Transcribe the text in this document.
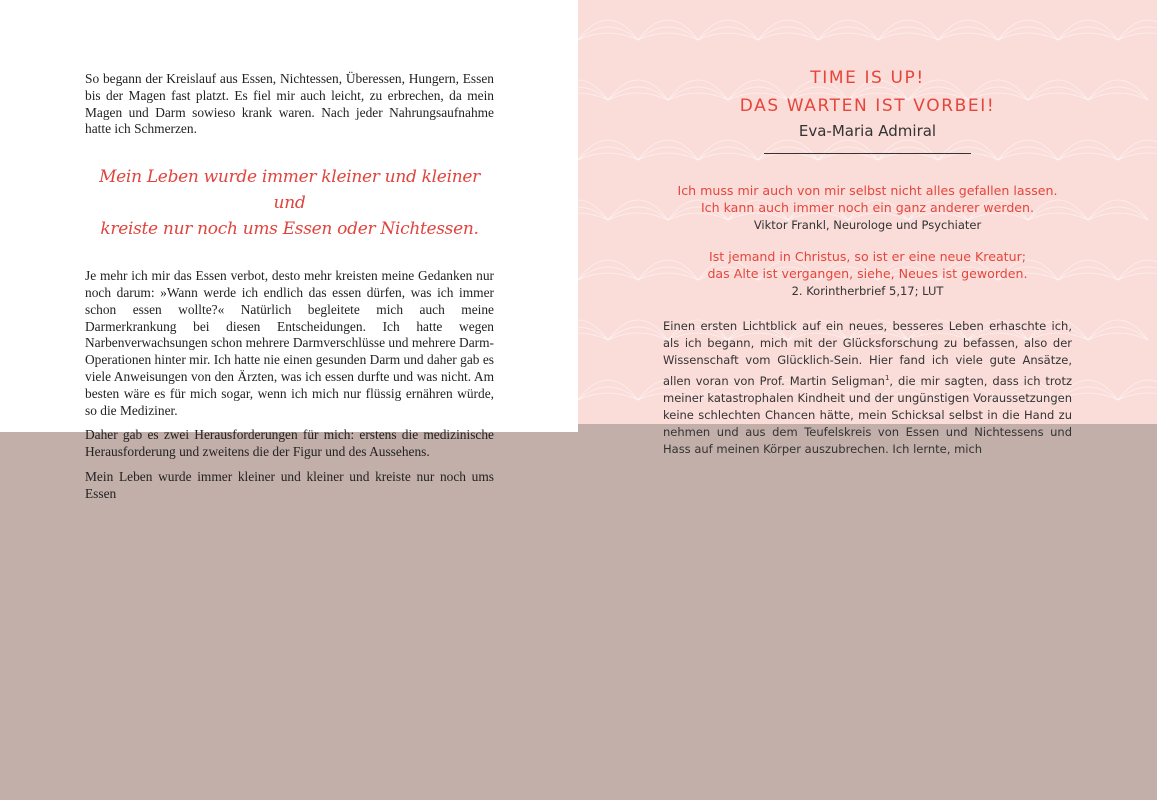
So begann der Kreislauf aus Essen, Nichtessen, Überessen, Hungern, Essen bis der Magen fast platzt. Es fiel mir auch leicht, zu erbrechen, da mein Magen und Darm sowieso krank waren. Nach jeder Nahrungsaufnahme hatte ich Schmerzen.

Mein Leben wurde immer kleiner und kleiner und
kreiste nur noch ums Essen oder Nichtessen.

Je mehr ich mir das Essen verbot, desto mehr kreisten meine Gedanken nur noch darum: »Wann werde ich endlich das essen dürfen, was ich immer schon essen wollte?« Natürlich begleitete mich auch meine Darmerkrankung bei diesen Entscheidungen. Ich hatte wegen Narbenverwachsungen schon mehrere Darmverschlüsse und mehrere Darm-Operationen hinter mir. Ich hatte nie einen gesunden Darm und daher gab es viele Anweisungen von den Ärzten, was ich essen durfte und was nicht. Am besten wäre es für mich sogar, wenn ich mich nur flüssig ernähren würde, so die Mediziner.

Daher gab es zwei Herausforderungen für mich: erstens die medizinische Herausforderung und zweitens die der Figur und des Aussehens.

Mein Leben wurde immer kleiner und kleiner und kreiste nur noch ums Essen

TIME IS UP!
DAS WARTEN IST VORBEI!

Eva-Maria Admiral

Ich muss mir auch von mir selbst nicht alles gefallen lassen.
Ich kann auch immer noch ein ganz anderer werden.
Viktor Frankl, Neurologe und Psychiater
Ist jemand in Christus, so ist er eine neue Kreatur;
das Alte ist vergangen, siehe, Neues ist geworden.
2. Korintherbrief 5,17; LUT

Einen ersten Lichtblick auf ein neues, besseres Leben erhaschte ich, als ich begann, mich mit der Glücksforschung zu befassen, also der Wissenschaft vom Glücklich-Sein. Hier fand ich viele gute Ansätze, allen voran von Prof. Martin Seligman$^1$, die mir sagten, dass ich trotz meiner katastrophalen Kindheit und der ungünstigen Voraussetzungen keine schlechten Chancen hätte, mein Schicksal selbst in die Hand zu nehmen und aus dem Teufelskreis von Essen und Nichtessens und Hass auf meinen Körper auszubrechen. Ich lernte, mich
